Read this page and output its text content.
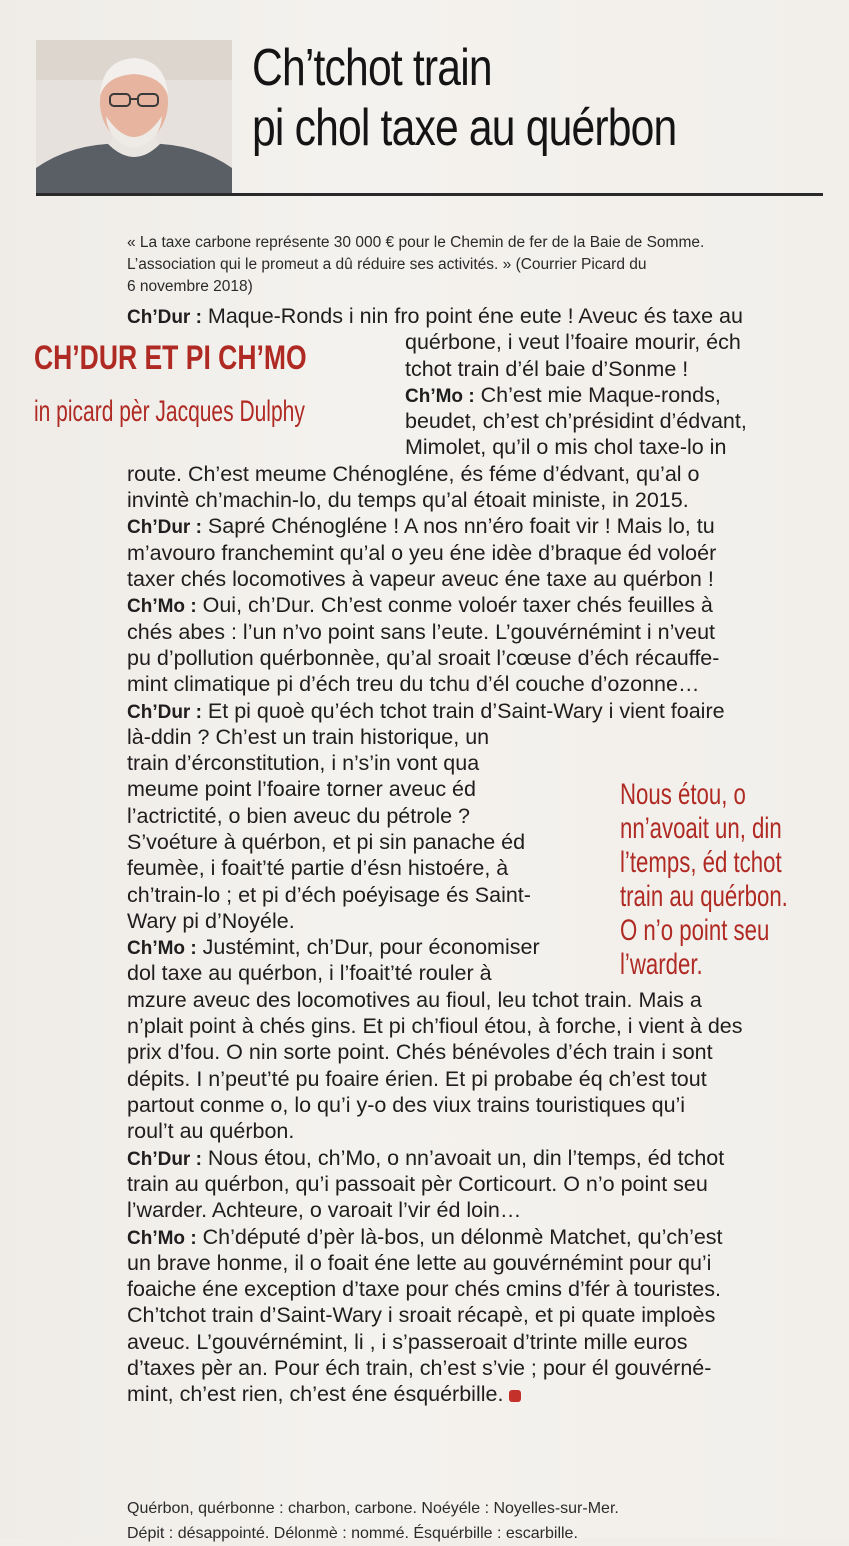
Ch’tchot train
pi chol taxe au quérbon
« La taxe carbone représente 30 000 € pour le Chemin de fer de la Baie de Somme.
L’association qui le promeut a dû réduire ses activités. » (Courrier Picard du
6 novembre 2018)
CH’DUR ET PI CH’MO
in picard pèr Jacques Dulphy
Ch’Dur : Maque-Ronds i nin fro point éne eute ! Aveuc és taxe au
quérbone, i veut l’foaire mourir, éch
tchot train d’él baie d’Sonme !
Ch’Mo : Ch’est mie Maque-ronds,
beudet, ch’est ch’présidint d’édvant,
Mimolet, qu’il o mis chol taxe-lo in
route. Ch’est meume Chénogléne, és féme d’édvant, qu’al o
invintè ch’machin-lo, du temps qu’al étoait ministe, in 2015.
Ch’Dur : Sapré Chénogléne ! A nos nn’éro foait vir ! Mais lo, tu
m’avouro franchemint qu’al o yeu éne idèe d’braque éd voloér
taxer chés locomotives à vapeur aveuc éne taxe au quérbon !
Ch’Mo : Oui, ch’Dur. Ch’est conme voloér taxer chés feuilles à
chés abes : l’un n’vo point sans l’eute. L’gouvérnémint i n’veut
pu d’pollution quérbonnèe, qu’al sroait l’cœuse d’éch récauffe-
mint climatique pi d’éch treu du tchu d’él couche d’ozonne…
Ch’Dur : Et pi quoè qu’éch tchot train d’Saint-Wary i vient foaire
là-ddin ? Ch’est un train historique, un
train d’érconstitution, i n’s’in vont qua
meume point l’foaire torner aveuc éd
l’actrictité, o bien aveuc du pétrole ?
S’voéture à quérbon, et pi sin panache éd
feumèe, i foait’té partie d’ésn histoére, à
ch’train-lo ; et pi d’éch poéyisage és Saint-
Wary pi d’Noyéle.
Ch’Mo : Justémint, ch’Dur, pour économiser
dol taxe au quérbon, i l’foait’té rouler à
mzure aveuc des locomotives au fioul, leu tchot train. Mais a
n’plait point à chés gins. Et pi ch’fioul étou, à forche, i vient à des
prix d’fou. O nin sorte point. Chés bénévoles d’éch train i sont
dépits. I n’peut’té pu foaire érien. Et pi probabe éq ch’est tout
partout conme o, lo qu’i y-o des viux trains touristiques qu’i
roul’t au quérbon.
Ch’Dur : Nous étou, ch’Mo, o nn’avoait un, din l’temps, éd tchot
train au quérbon, qu’i passoait pèr Corticourt. O n’o point seu
l’warder. Achteure, o varoait l’vir éd loin…
Ch’Mo : Ch’député d’pèr là-bos, un délonmè Matchet, qu’ch’est
un brave honme, il o foait éne lette au gouvérnémint pour qu’i
foaiche éne exception d’taxe pour chés cmins d’fér à touristes.
Ch’tchot train d’Saint-Wary i sroait récapè, et pi quate imploès
aveuc. L’gouvérnémint, li , i s’passeroait d’trinte mille euros
d’taxes pèr an. Pour éch train, ch’est s’vie ; pour él gouvérné-
mint, ch’est rien, ch’est éne ésquérbille.
Nous étou, o
nn’avoait un, din
l’temps, éd tchot
train au quérbon.
O n’o point seu
l’warder.
Quérbon, quérbonne : charbon, carbone. Noéyéle : Noyelles-sur-Mer.
Dépit : désappointé. Délonmè : nommé. Ésquérbille : escarbille.
